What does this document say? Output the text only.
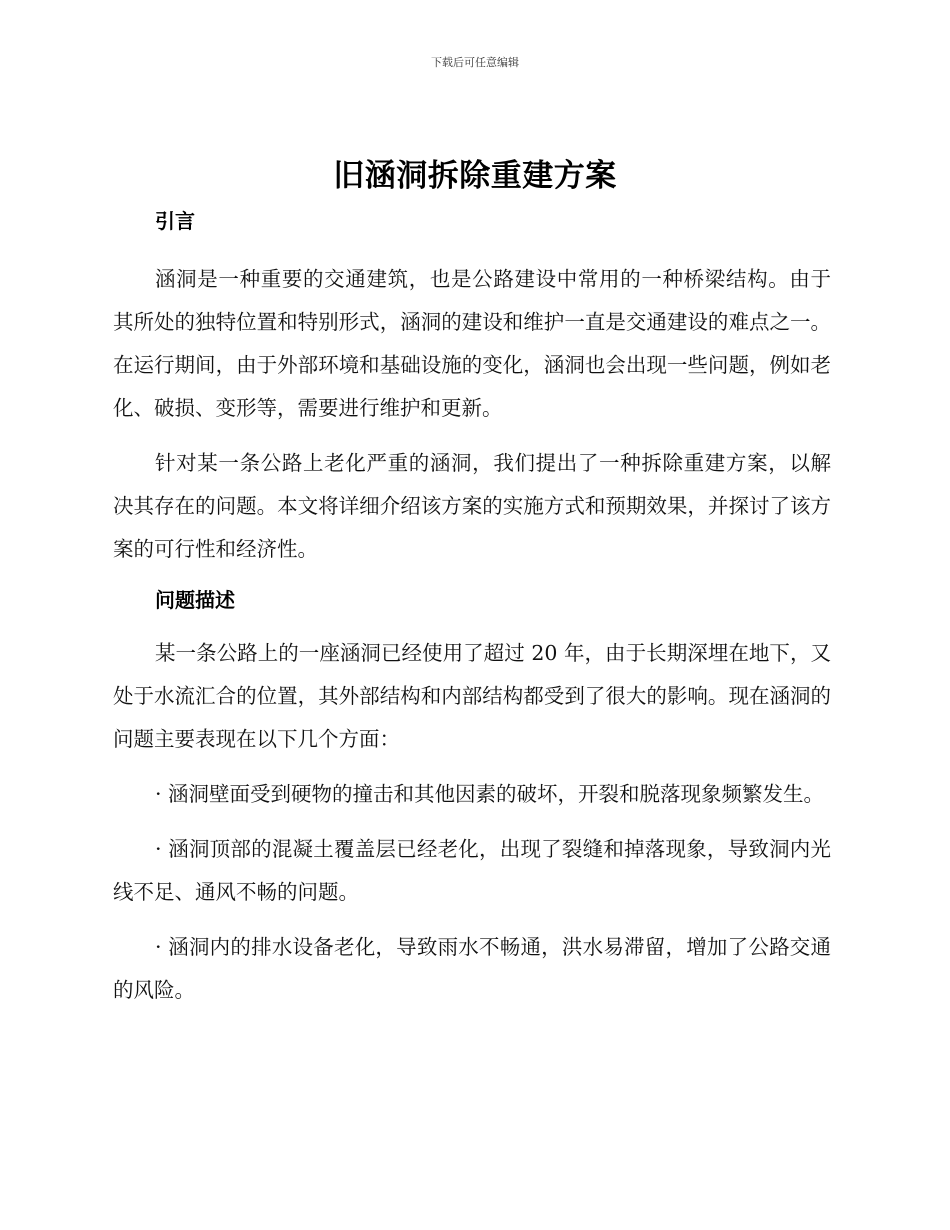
下载后可任意编辑
旧涵洞拆除重建方案
引言

涵洞是一种重要的交通建筑，也是公路建设中常用的一种桥梁结构。由于其所处的独特位置和特别形式，涵洞的建设和维护一直是交通建设的难点之一。在运行期间，由于外部环境和基础设施的变化，涵洞也会出现一些问题，例如老化、破损、变形等，需要进行维护和更新。

针对某一条公路上老化严重的涵洞，我们提出了一种拆除重建方案，以解决其存在的问题。本文将详细介绍该方案的实施方式和预期效果，并探讨了该方案的可行性和经济性。

问题描述

某一条公路上的一座涵洞已经使用了超过 20 年，由于长期深埋在地下，又处于水流汇合的位置，其外部结构和内部结构都受到了很大的影响。现在涵洞的问题主要表现在以下几个方面：

· 涵洞壁面受到硬物的撞击和其他因素的破坏，开裂和脱落现象频繁发生。

· 涵洞顶部的混凝土覆盖层已经老化，出现了裂缝和掉落现象，导致洞内光线不足、通风不畅的问题。

· 涵洞内的排水设备老化，导致雨水不畅通，洪水易滞留，增加了公路交通的风险。
